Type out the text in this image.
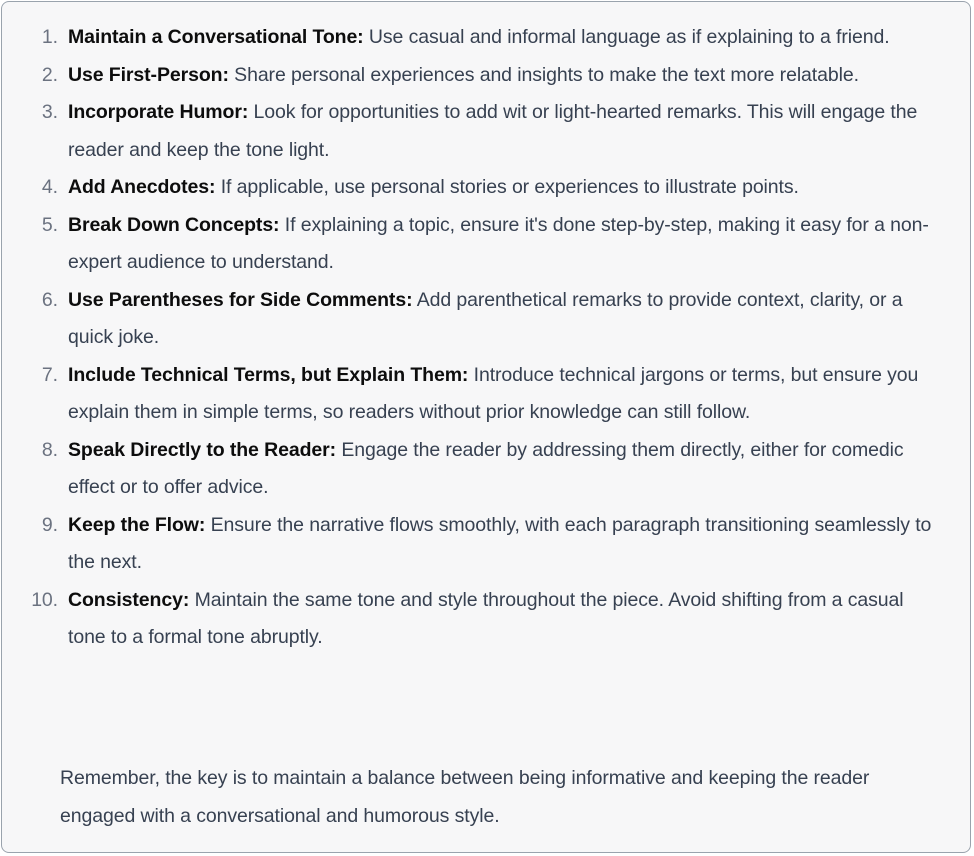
1. Maintain a Conversational Tone: Use casual and informal language as if explaining to a friend.
2. Use First-Person: Share personal experiences and insights to make the text more relatable.
3. Incorporate Humor: Look for opportunities to add wit or light-hearted remarks. This will engage the reader and keep the tone light.
4. Add Anecdotes: If applicable, use personal stories or experiences to illustrate points.
5. Break Down Concepts: If explaining a topic, ensure it's done step-by-step, making it easy for a non-expert audience to understand.
6. Use Parentheses for Side Comments: Add parenthetical remarks to provide context, clarity, or a quick joke.
7. Include Technical Terms, but Explain Them: Introduce technical jargons or terms, but ensure you explain them in simple terms, so readers without prior knowledge can still follow.
8. Speak Directly to the Reader: Engage the reader by addressing them directly, either for comedic effect or to offer advice.
9. Keep the Flow: Ensure the narrative flows smoothly, with each paragraph transitioning seamlessly to the next.
10. Consistency: Maintain the same tone and style throughout the piece. Avoid shifting from a casual tone to a formal tone abruptly.

Remember, the key is to maintain a balance between being informative and keeping the reader engaged with a conversational and humorous style.
